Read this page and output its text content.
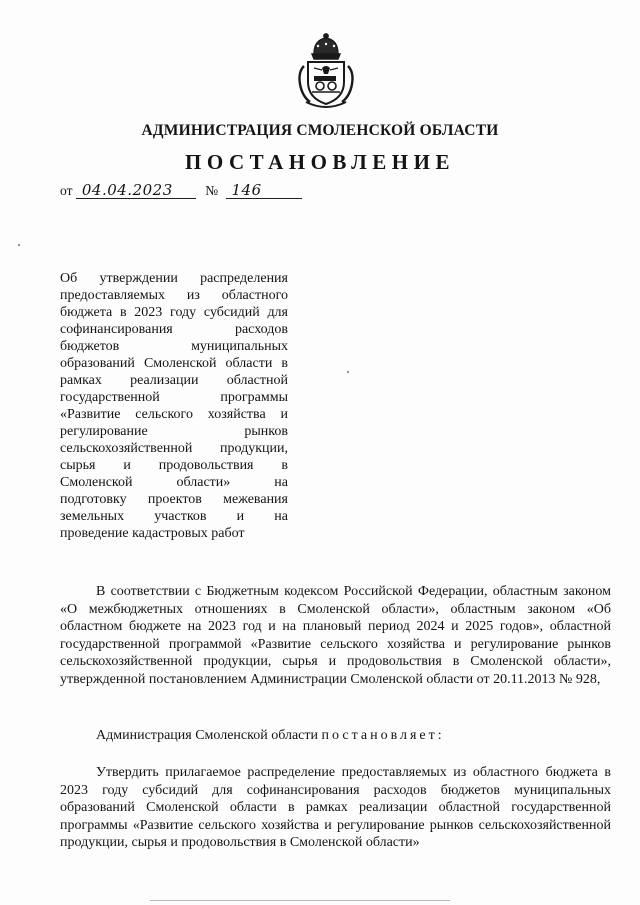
АДМИНИСТРАЦИЯ СМОЛЕНСКОЙ ОБЛАСТИ
ПОСТАНОВЛЕНИЕ
от 04.04.2023 № 146
Об утверждении распределения
предоставляемых из областного
бюджета в 2023 году субсидий для
софинансирования расходов
бюджетов муниципальных
образований Смоленской области в
рамках реализации областной
государственной программы
«Развитие сельского хозяйства и
регулирование рынков
сельскохозяйственной продукции,
сырья и продовольствия в
Смоленской области» на
подготовку проектов межевания
земельных участков и на
проведение кадастровых работ
В соответствии с Бюджетным кодексом Российской Федерации, областным законом «О межбюджетных отношениях в Смоленской области», областным законом «Об областном бюджете на 2023 год и на плановый период 2024 и 2025 годов», областной государственной программой «Развитие сельского хозяйства и регулирование рынков сельскохозяйственной продукции, сырья и продовольствия в Смоленской области», утвержденной постановлением Администрации Смоленской области от 20.11.2013 № 928,
Администрация Смоленской области постановляет:
Утвердить прилагаемое распределение предоставляемых из областного бюджета в 2023 году субсидий для софинансирования расходов бюджетов муниципальных образований Смоленской области в рамках реализации областной государственной программы «Развитие сельского хозяйства и регулирование рынков сельскохозяйственной продукции, сырья и продовольствия в Смоленской области»
